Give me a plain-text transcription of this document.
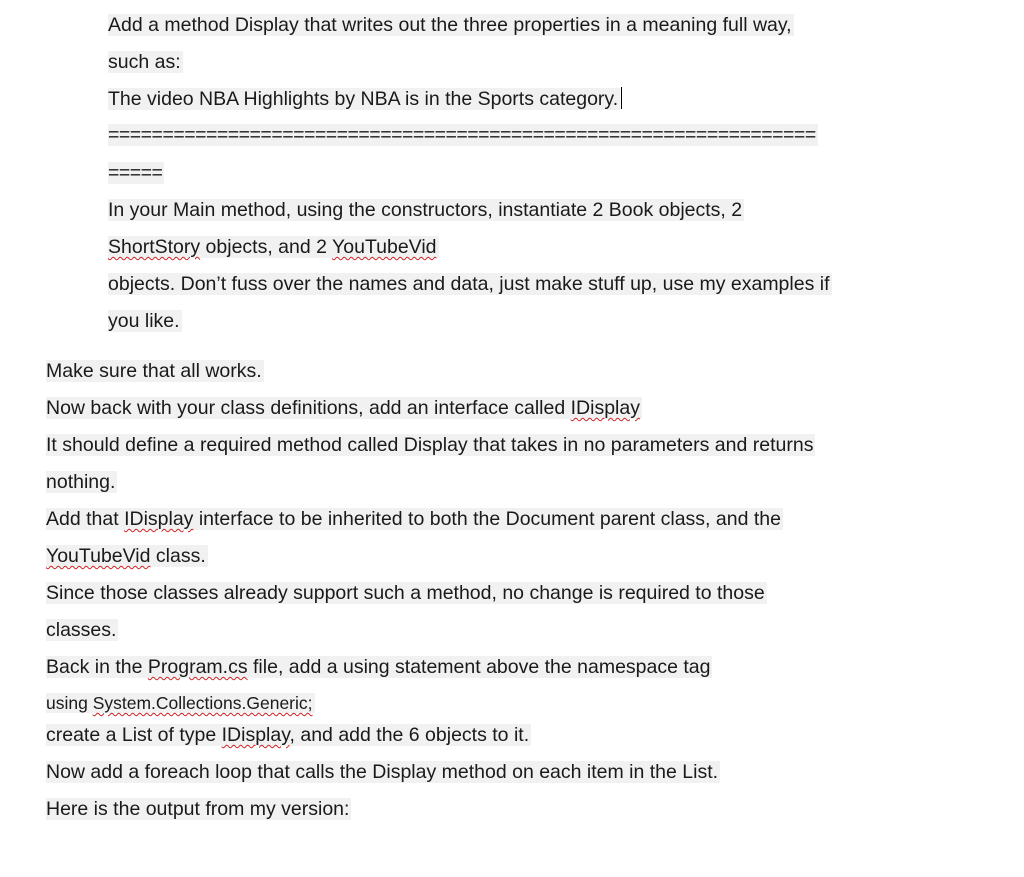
Add a method Display that writes out the three properties in a meaning full way,
such as:
The video NBA Highlights by NBA is in the Sports category.
=================================================================
=====
In your Main method, using the constructors, instantiate 2 Book objects, 2
ShortStory objects, and 2 YouTubeVid
objects. Don’t fuss over the names and data, just make stuff up, use my examples if
you like.
Make sure that all works.
Now back with your class definitions, add an interface called IDisplay
It should define a required method called Display that takes in no parameters and returns
nothing.
Add that IDisplay interface to be inherited to both the Document parent class, and the
YouTubeVid class.
Since those classes already support such a method, no change is required to those
classes.
Back in the Program.cs file, add a using statement above the namespace tag
using System.Collections.Generic;
create a List of type IDisplay, and add the 6 objects to it.
Now add a foreach loop that calls the Display method on each item in the List.
Here is the output from my version:
